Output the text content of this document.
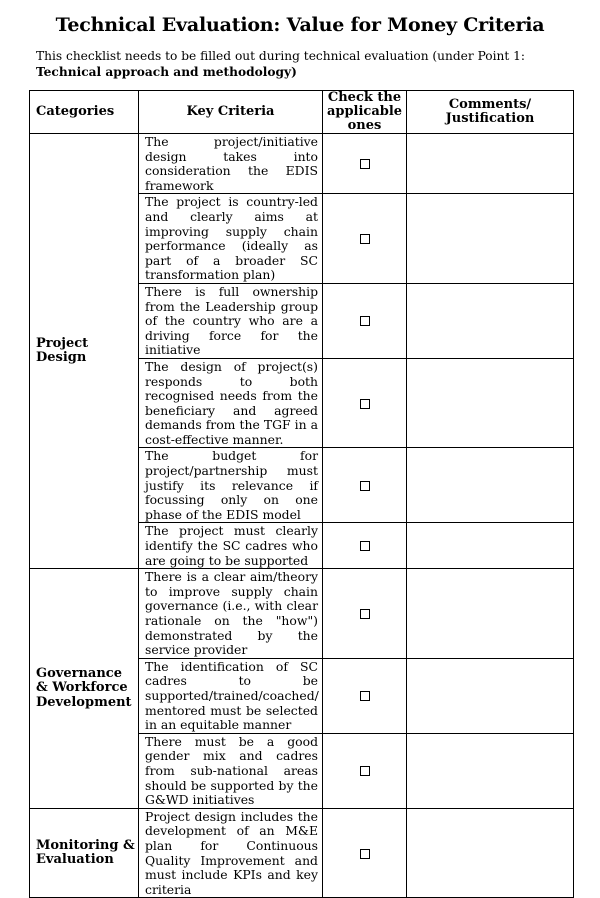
Technical Evaluation: Value for Money Criteria
This checklist needs to be filled out during technical evaluation (under Point 1: Technical approach and methodology)
Categories	Key Criteria	Check the applicable ones	Comments/ Justification
Project Design	The project/initiative design takes into consideration the EDIS framework		
	The project is country-led and clearly aims at improving supply chain performance (ideally as part of a broader SC transformation plan)		
	There is full ownership from the Leadership group of the country who are a driving force for the initiative		
	The design of project(s) responds to both recognised needs from the beneficiary and agreed demands from the TGF in a cost-effective manner.		
	The budget for project/partnership must justify its relevance if focussing only on one phase of the EDIS model		
	The project must clearly identify the SC cadres who are going to be supported		
Governance & Workforce Development	There is a clear aim/theory to improve supply chain governance (i.e., with clear rationale on the "how") demonstrated by the service provider		
	The identification of SC cadres to be supported/trained/coached/ mentored must be selected in an equitable manner		
	There must be a good gender mix and cadres from sub-national areas should be supported by the G&WD initiatives		
Monitoring & Evaluation	Project design includes the development of an M&E plan for Continuous Quality Improvement and must include KPIs and key criteria		
